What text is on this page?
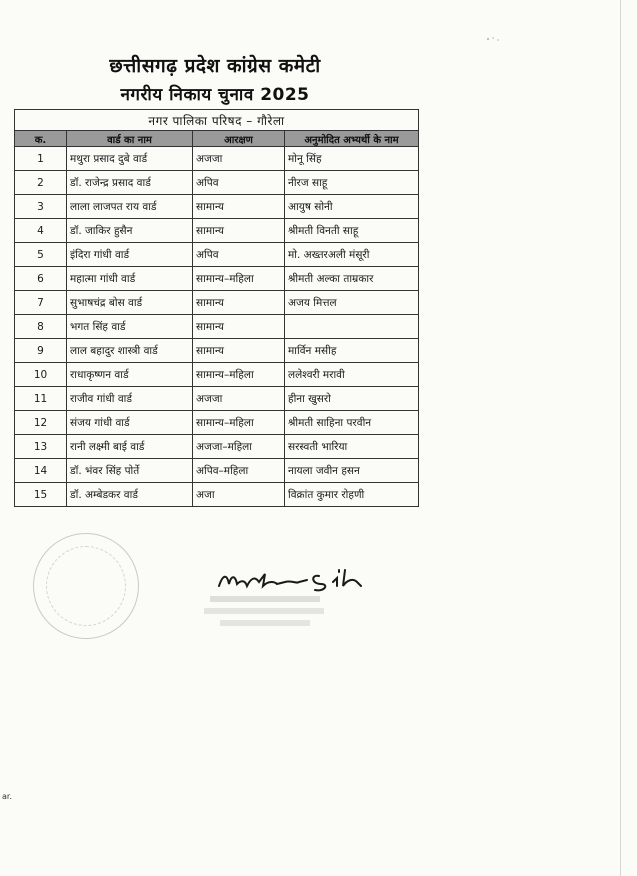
छत्तीसगढ़ प्रदेश कांग्रेस कमेटी
नगरीय निकाय चुनाव 2025
नगर पालिका परिषद – गौरेला			
क.	वार्ड का नाम	आरक्षण	अनुमोदित अभ्यर्थी के नाम
1	मथुरा प्रसाद दुबे वार्ड	अजजा	मोनू सिंह
2	डॉ. राजेन्द्र प्रसाद वार्ड	अपिव	नीरज साहू
3	लाला लाजपत राय वार्ड	सामान्य	आयुष सोनी
4	डॉ. जाकिर हुसैन	सामान्य	श्रीमती विनती साहू
5	इंदिरा गांधी वार्ड	अपिव	मो. अख्तरअली मंसूरी
6	महात्मा गांधी वार्ड	सामान्य–महिला	श्रीमती अल्का ताम्रकार
7	सुभाषचंद्र बोस वार्ड	सामान्य	अजय मित्तल
8	भगत सिंह वार्ड	सामान्य	
9	लाल बहादुर शास्त्री वार्ड	सामान्य	मार्विन मसीह
10	राधाकृष्णन वार्ड	सामान्य–महिला	ललेश्वरी मरावी
11	राजीव गांधी वार्ड	अजजा	हीना खुसरो
12	संजय गांधी वार्ड	सामान्य–महिला	श्रीमती साहिना परवीन
13	रानी लक्ष्मी बाई वार्ड	अजजा–महिला	सरस्वती भारिया
14	डॉ. भंवर सिंह पोर्ते	अपिव–महिला	नायला जवीन हसन
15	डॉ. अम्बेडकर वार्ड	अजा	विक्रांत कुमार रोहणी
ar.
